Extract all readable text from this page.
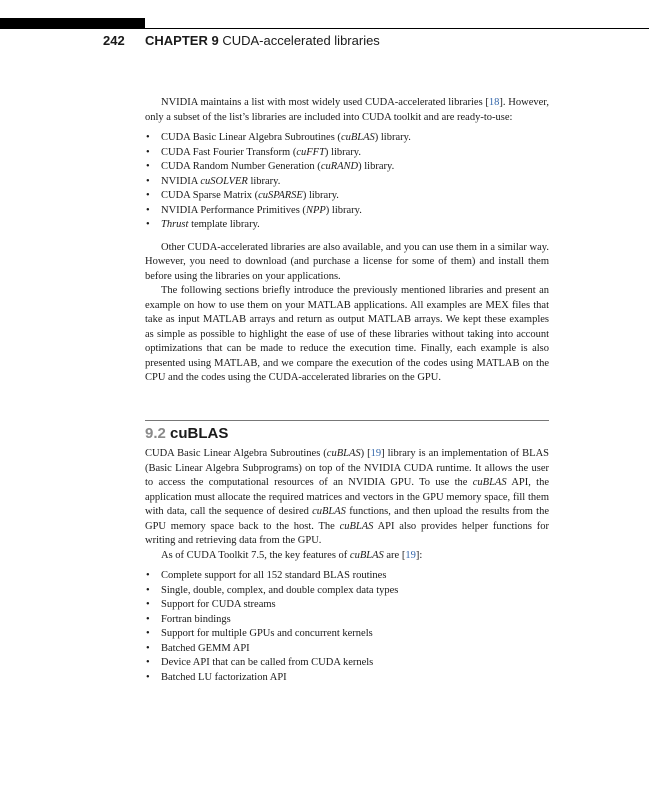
242 CHAPTER 9 CUDA-accelerated libraries

NVIDIA maintains a list with most widely used CUDA-accelerated libraries [18]. However, only a subset of the list’s libraries are included into CUDA toolkit and are ready-to-use:

• CUDA Basic Linear Algebra Subroutines (cuBLAS) library.
• CUDA Fast Fourier Transform (cuFFT) library.
• CUDA Random Number Generation (cuRAND) library.
• NVIDIA cuSOLVER library.
• CUDA Sparse Matrix (cuSPARSE) library.
• NVIDIA Performance Primitives (NPP) library.
• Thrust template library.

Other CUDA-accelerated libraries are also available, and you can use them in a similar way. However, you need to download (and purchase a license for some of them) and install them before using the libraries on your applications.

The following sections briefly introduce the previously mentioned libraries and present an example on how to use them on your MATLAB applications. All examples are MEX files that take as input MATLAB arrays and return as output MATLAB arrays. We kept these examples as simple as possible to highlight the ease of use of these libraries without taking into account optimizations that can be made to reduce the execution time. Finally, each example is also presented using MATLAB, and we compare the execution of the codes using MATLAB on the CPU and the codes using the CUDA-accelerated libraries on the GPU.

9.2 cuBLAS

CUDA Basic Linear Algebra Subroutines (cuBLAS) [19] library is an implementation of BLAS (Basic Linear Algebra Subprograms) on top of the NVIDIA CUDA runtime. It allows the user to access the computational resources of an NVIDIA GPU. To use the cuBLAS API, the application must allocate the required matrices and vectors in the GPU memory space, fill them with data, call the sequence of desired cuBLAS functions, and then upload the results from the GPU memory space back to the host. The cuBLAS API also provides helper functions for writing and retrieving data from the GPU.

As of CUDA Toolkit 7.5, the key features of cuBLAS are [19]:

• Complete support for all 152 standard BLAS routines
• Single, double, complex, and double complex data types
• Support for CUDA streams
• Fortran bindings
• Support for multiple GPUs and concurrent kernels
• Batched GEMM API
• Device API that can be called from CUDA kernels
• Batched LU factorization API
